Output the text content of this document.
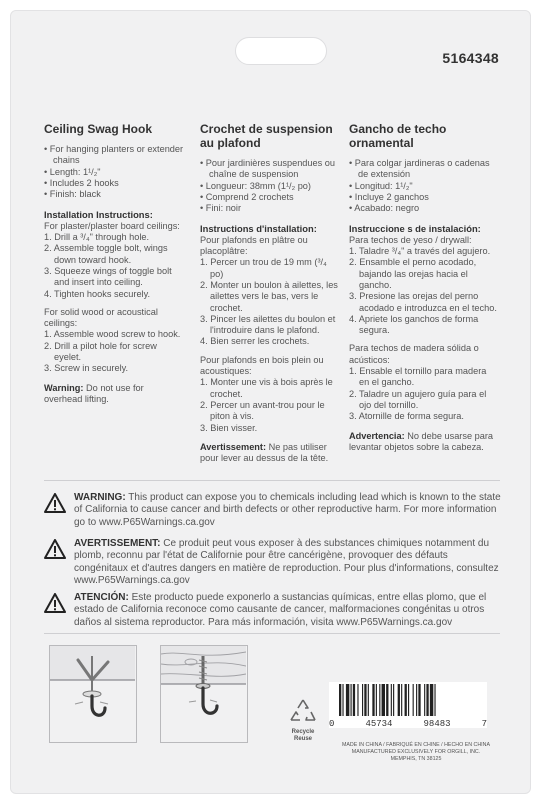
5164348
Ceiling Swag Hook
• For hanging planters or extender chains
• Length: 1¹/₂"
• Includes 2 hooks
• Finish: black
Installation Instructions:

For plaster/plaster board ceilings:

1. Drill a ³/₄" through hole.
2. Assemble toggle bolt, wings down toward hook.
3. Squeeze wings of toggle bolt and insert into ceiling.
4. Tighten hooks securely.

For solid wood or acoustical ceilings:

1. Assemble wood screw to hook.
2. Drill a pilot hole for screw eyelet.
3. Screw in securely.

Warning: Do not use for overhead lifting.

Crochet de suspension au plafond
• Pour jardinières suspendues ou chaîne de suspension
• Longueur: 38mm (1¹/₂ po)
• Comprend 2 crochets
• Fini: noir
Instructions d'installation:

Pour plafonds en plâtre ou placoplâtre:

1. Percer un trou de 19 mm (³/₄ po)
2. Monter un boulon à ailettes, les ailettes vers le bas, vers le crochet.
3. Pincer les ailettes du boulon et l'introduire dans le plafond.
4. Bien serrer les crochets.

Pour plafonds en bois plein ou acoustiques:

1. Monter une vis à bois après le crochet.
2. Percer un avant-trou pour le piton à vis.
3. Bien visser.

Avertissement: Ne pas utiliser pour lever au dessus de la tête.

Gancho de techo ornamental
• Para colgar jardineras o cadenas de extensión
• Longitud: 1¹/₂"
• Incluye 2 ganchos
• Acabado: negro
Instruccione s de instalación:

Para techos de yeso / drywall:

1. Taladre ³/₄" a través del agujero.
2. Ensamble el perno acodado, bajando las orejas hacia el gancho.
3. Presione las orejas del perno acodado e introduzca en el techo.
4. Apriete los ganchos de forma segura.

Para techos de madera sólida o acústicos:

1. Ensable el tornillo para madera en el gancho.
2. Taladre un agujero guía para el ojo del tornillo.
3. Atornille de forma segura.

Advertencia: No debe usarse para levantar objetos sobre la cabeza.

WARNING: This product can expose you to chemicals including lead which is known to the state of California to cause cancer and birth defects or other reproductive harm. For more information go to www.P65Warnings.ca.gov
AVERTISSEMENT: Ce produit peut vous exposer à des substances chimiques notamment du plomb, reconnu par l'état de Californie pour être cancérigène, provoquer des défauts congénitaux et d'autres dangers en matière de reproduction. Pour plus d'informations, consultez www.P65Warnings.ca.gov
ATENCIÓN: Este producto puede exponerlo a sustancias químicas, entre ellas plomo, que el estado de California reconoce como causante de cancer, malformaciones congénitas u otros daños al sistema reproductor. Para más información, visita www.P65Warnings.ca.gov
Recycle Reuse
0	45734	98483	7
MADE IN CHINA / FABRIQUÉ EN CHINE / HECHO EN CHINA
MANUFACTURED EXCLUSIVELY FOR ORGILL, INC.
MEMPHIS, TN 38125
